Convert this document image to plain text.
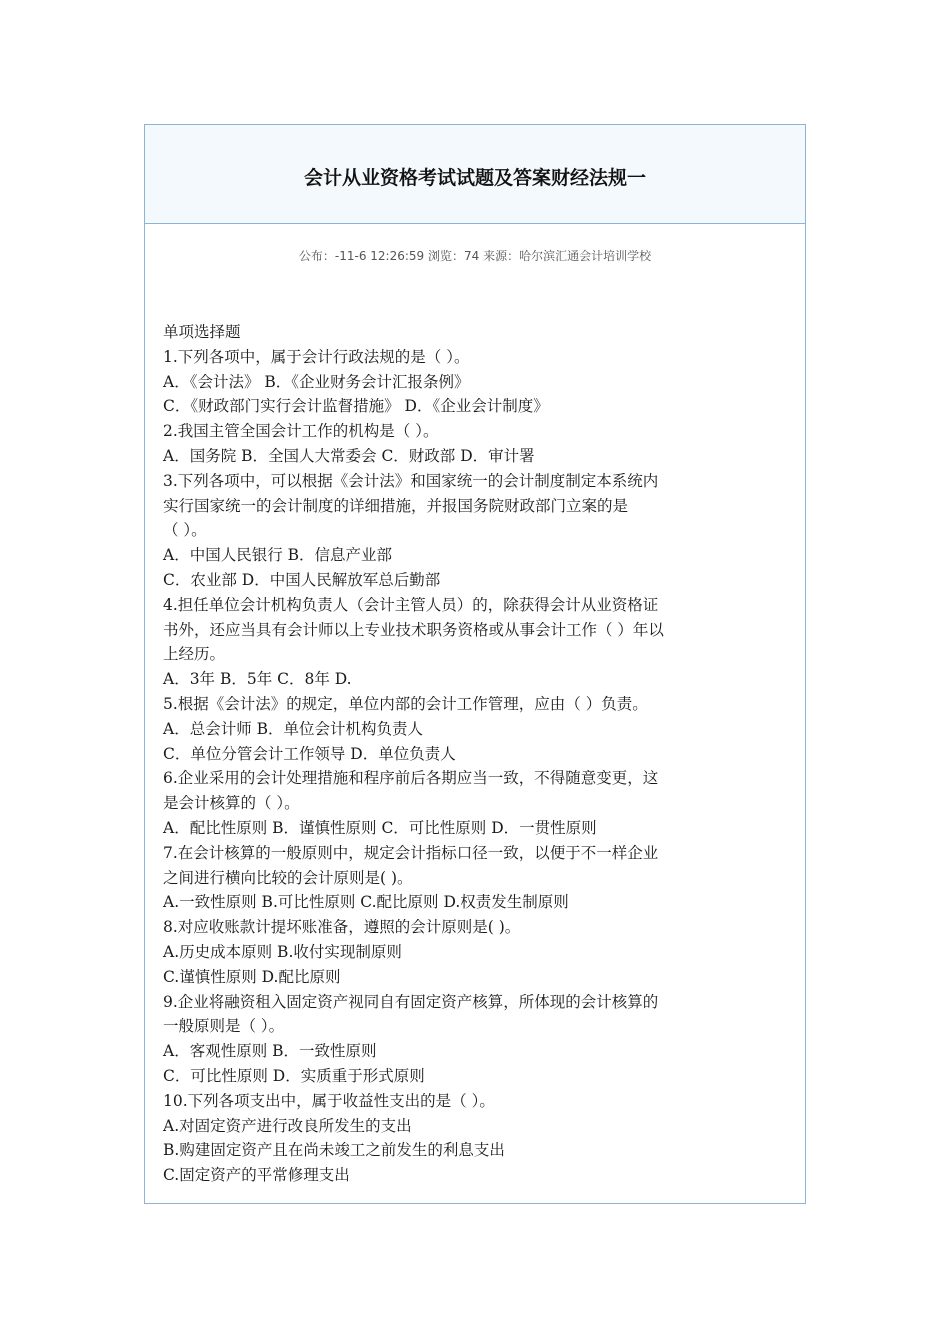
会计从业资格考试试题及答案财经法规一
公布：-11-6 12:26:59 浏览：74 来源：哈尔滨汇通会计培训学校

单项选择题

1.下列各项中，属于会计行政法规的是（ ）。

A．《会计法》 B．《企业财务会计汇报条例》

C．《财政部门实行会计监督措施》 D．《企业会计制度》

2.我国主管全国会计工作的机构是（ ）。

A．国务院 B．全国人大常委会 C．财政部 D．审计署

3.下列各项中，可以根据《会计法》和国家统一的会计制度制定本系统内

实行国家统一的会计制度的详细措施，并报国务院财政部门立案的是

（ ）。

A．中国人民银行 B．信息产业部

C．农业部 D．中国人民解放军总后勤部

4.担任单位会计机构负责人（会计主管人员）的，除获得会计从业资格证

书外，还应当具有会计师以上专业技术职务资格或从事会计工作（ ）年以

上经历。

A．3年 B．5年 C．8年 D.

5.根据《会计法》的规定，单位内部的会计工作管理，应由（ ）负责。

A．总会计师 B．单位会计机构负责人

C．单位分管会计工作领导 D．单位负责人

6.企业采用的会计处理措施和程序前后各期应当一致，不得随意变更，这

是会计核算的（ ）。

A．配比性原则 B．谨慎性原则 C．可比性原则 D．一贯性原则

7.在会计核算的一般原则中，规定会计指标口径一致，以便于不一样企业

之间进行横向比较的会计原则是( )。

A.一致性原则 B.可比性原则 C.配比原则 D.权责发生制原则

8.对应收账款计提坏账准备，遵照的会计原则是( )。

A.历史成本原则 B.收付实现制原则

C.谨慎性原则 D.配比原则

9.企业将融资租入固定资产视同自有固定资产核算，所体现的会计核算的

一般原则是（ ）。

A．客观性原则 B．一致性原则

C．可比性原则 D．实质重于形式原则

10.下列各项支出中，属于收益性支出的是（ ）。

A.对固定资产进行改良所发生的支出

B.购建固定资产且在尚未竣工之前发生的利息支出

C.固定资产的平常修理支出
